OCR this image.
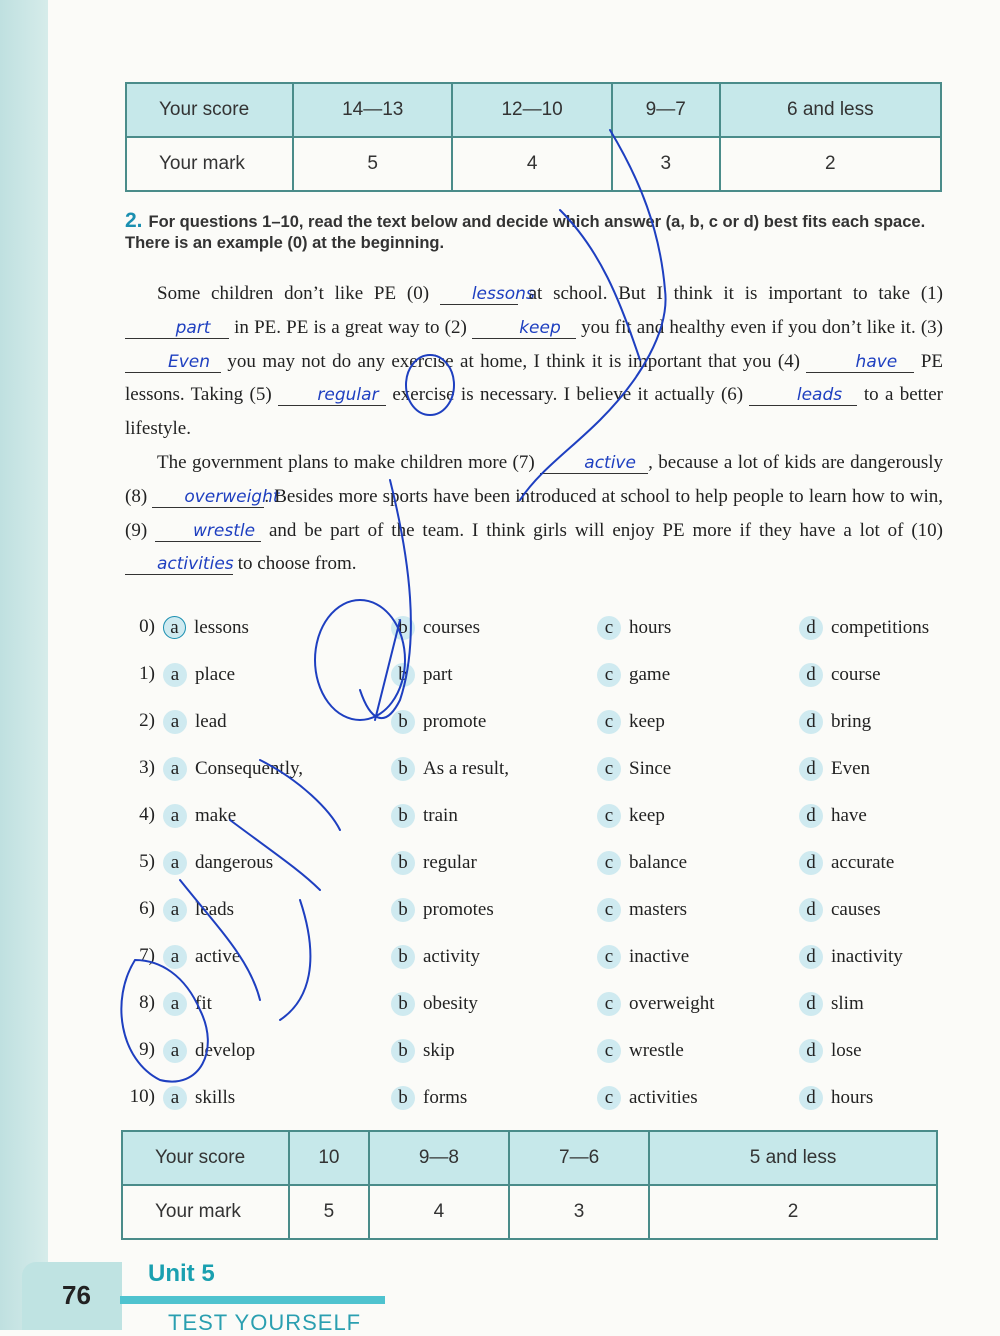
Your score	14—13	12—10	9—7	6 and less
Your mark	5	4	3	2
2. For questions 1–10, read the text below and decide which answer (a, b, c or d) best fits each space. There is an example (0) at the beginning.

Some children don’t like PE (0) lessons at school. But I think it is important to take (1) part in PE. PE is a great way to (2)	keep you fit and healthy even if you don’t like it. (3) Even you may not do any exercise at home, I think it is important that you (4)	have PE lessons. Taking (5) regular exercise is necessary. I believe it actually (6)	leads to a better lifestyle.

The government plans to make children more (7)	active , because a lot of kids are dangerously (8) overweight. Besides more sports have been introduced at school to help people to learn how to win, (9) wrestle and be part of the team. I think girls will enjoy PE more if they have a lot of (10) activities to choose from.

0) a lessons	b courses	c hours	d competitions
1) a place	b part	c game	d course
2) a lead	b promote	c keep	d bring
3) a Consequently,	b As a result,	c Since	d Even
4) a make	b train	c keep	d have
5) a dangerous	b regular	c balance	d accurate
6) a leads	b promotes	c masters	d causes
7) a active	b activity	c inactive	d inactivity
8) a fit	b obesity	c overweight	d slim
9) a develop	b skip	c wrestle	d lose
10) a skills	b forms	c activities	d hours
Your score	10	9—8	7—6	5 and less
Your mark	5	4	3	2
76
Unit 5
TEST YOURSELF
